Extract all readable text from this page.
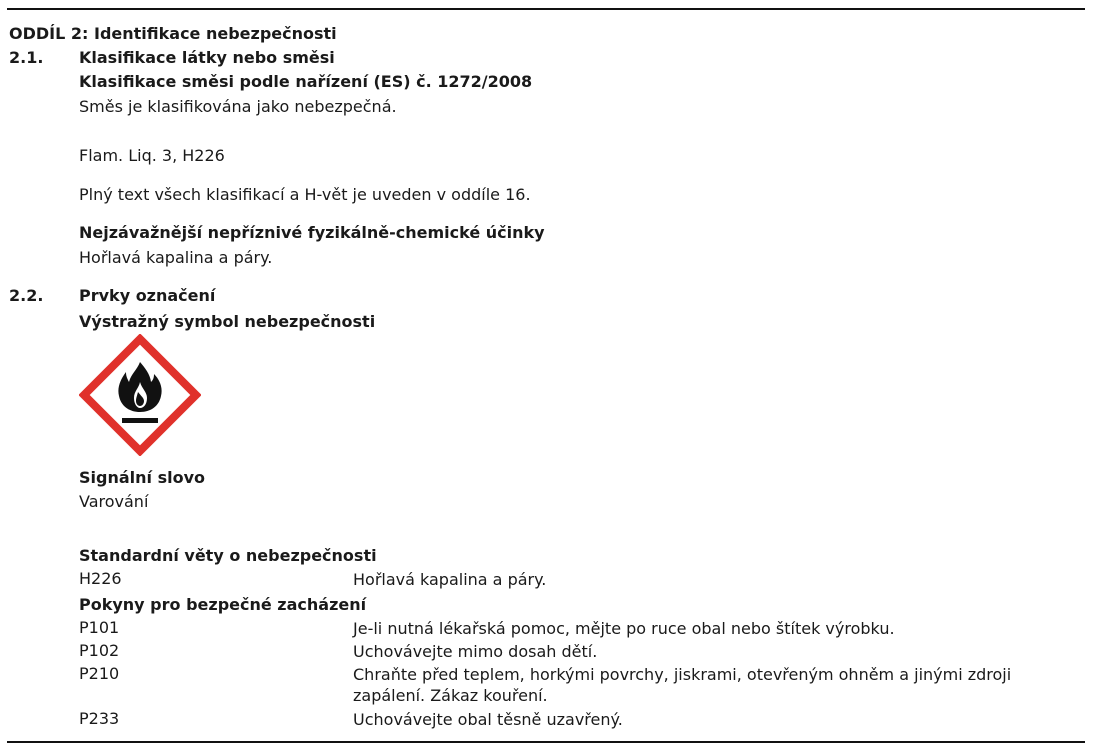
ODDÍL 2: Identifikace nebezpečnosti
2.1. Klasifikace látky nebo směsi
Klasifikace směsi podle nařízení (ES) č. 1272/2008
Směs je klasifikována jako nebezpečná.
Flam. Liq. 3, H226
Plný text všech klasifikací a H-vět je uveden v oddíle 16.
Nejzávažnější nepříznivé fyzikálně-chemické účinky
Hořlavá kapalina a páry.
2.2. Prvky označení
Výstražný symbol nebezpečnosti
Signální slovo
Varování
Standardní věty o nebezpečnosti
H226	Hořlavá kapalina a páry.
Pokyny pro bezpečné zacházení
P101	Je-li nutná lékařská pomoc, mějte po ruce obal nebo štítek výrobku.
P102	Uchovávejte mimo dosah dětí.
P210	Chraňte před teplem, horkými povrchy, jiskrami, otevřeným ohněm a jinými zdroji zapálení. Zákaz kouření.
P233	Uchovávejte obal těsně uzavřený.
